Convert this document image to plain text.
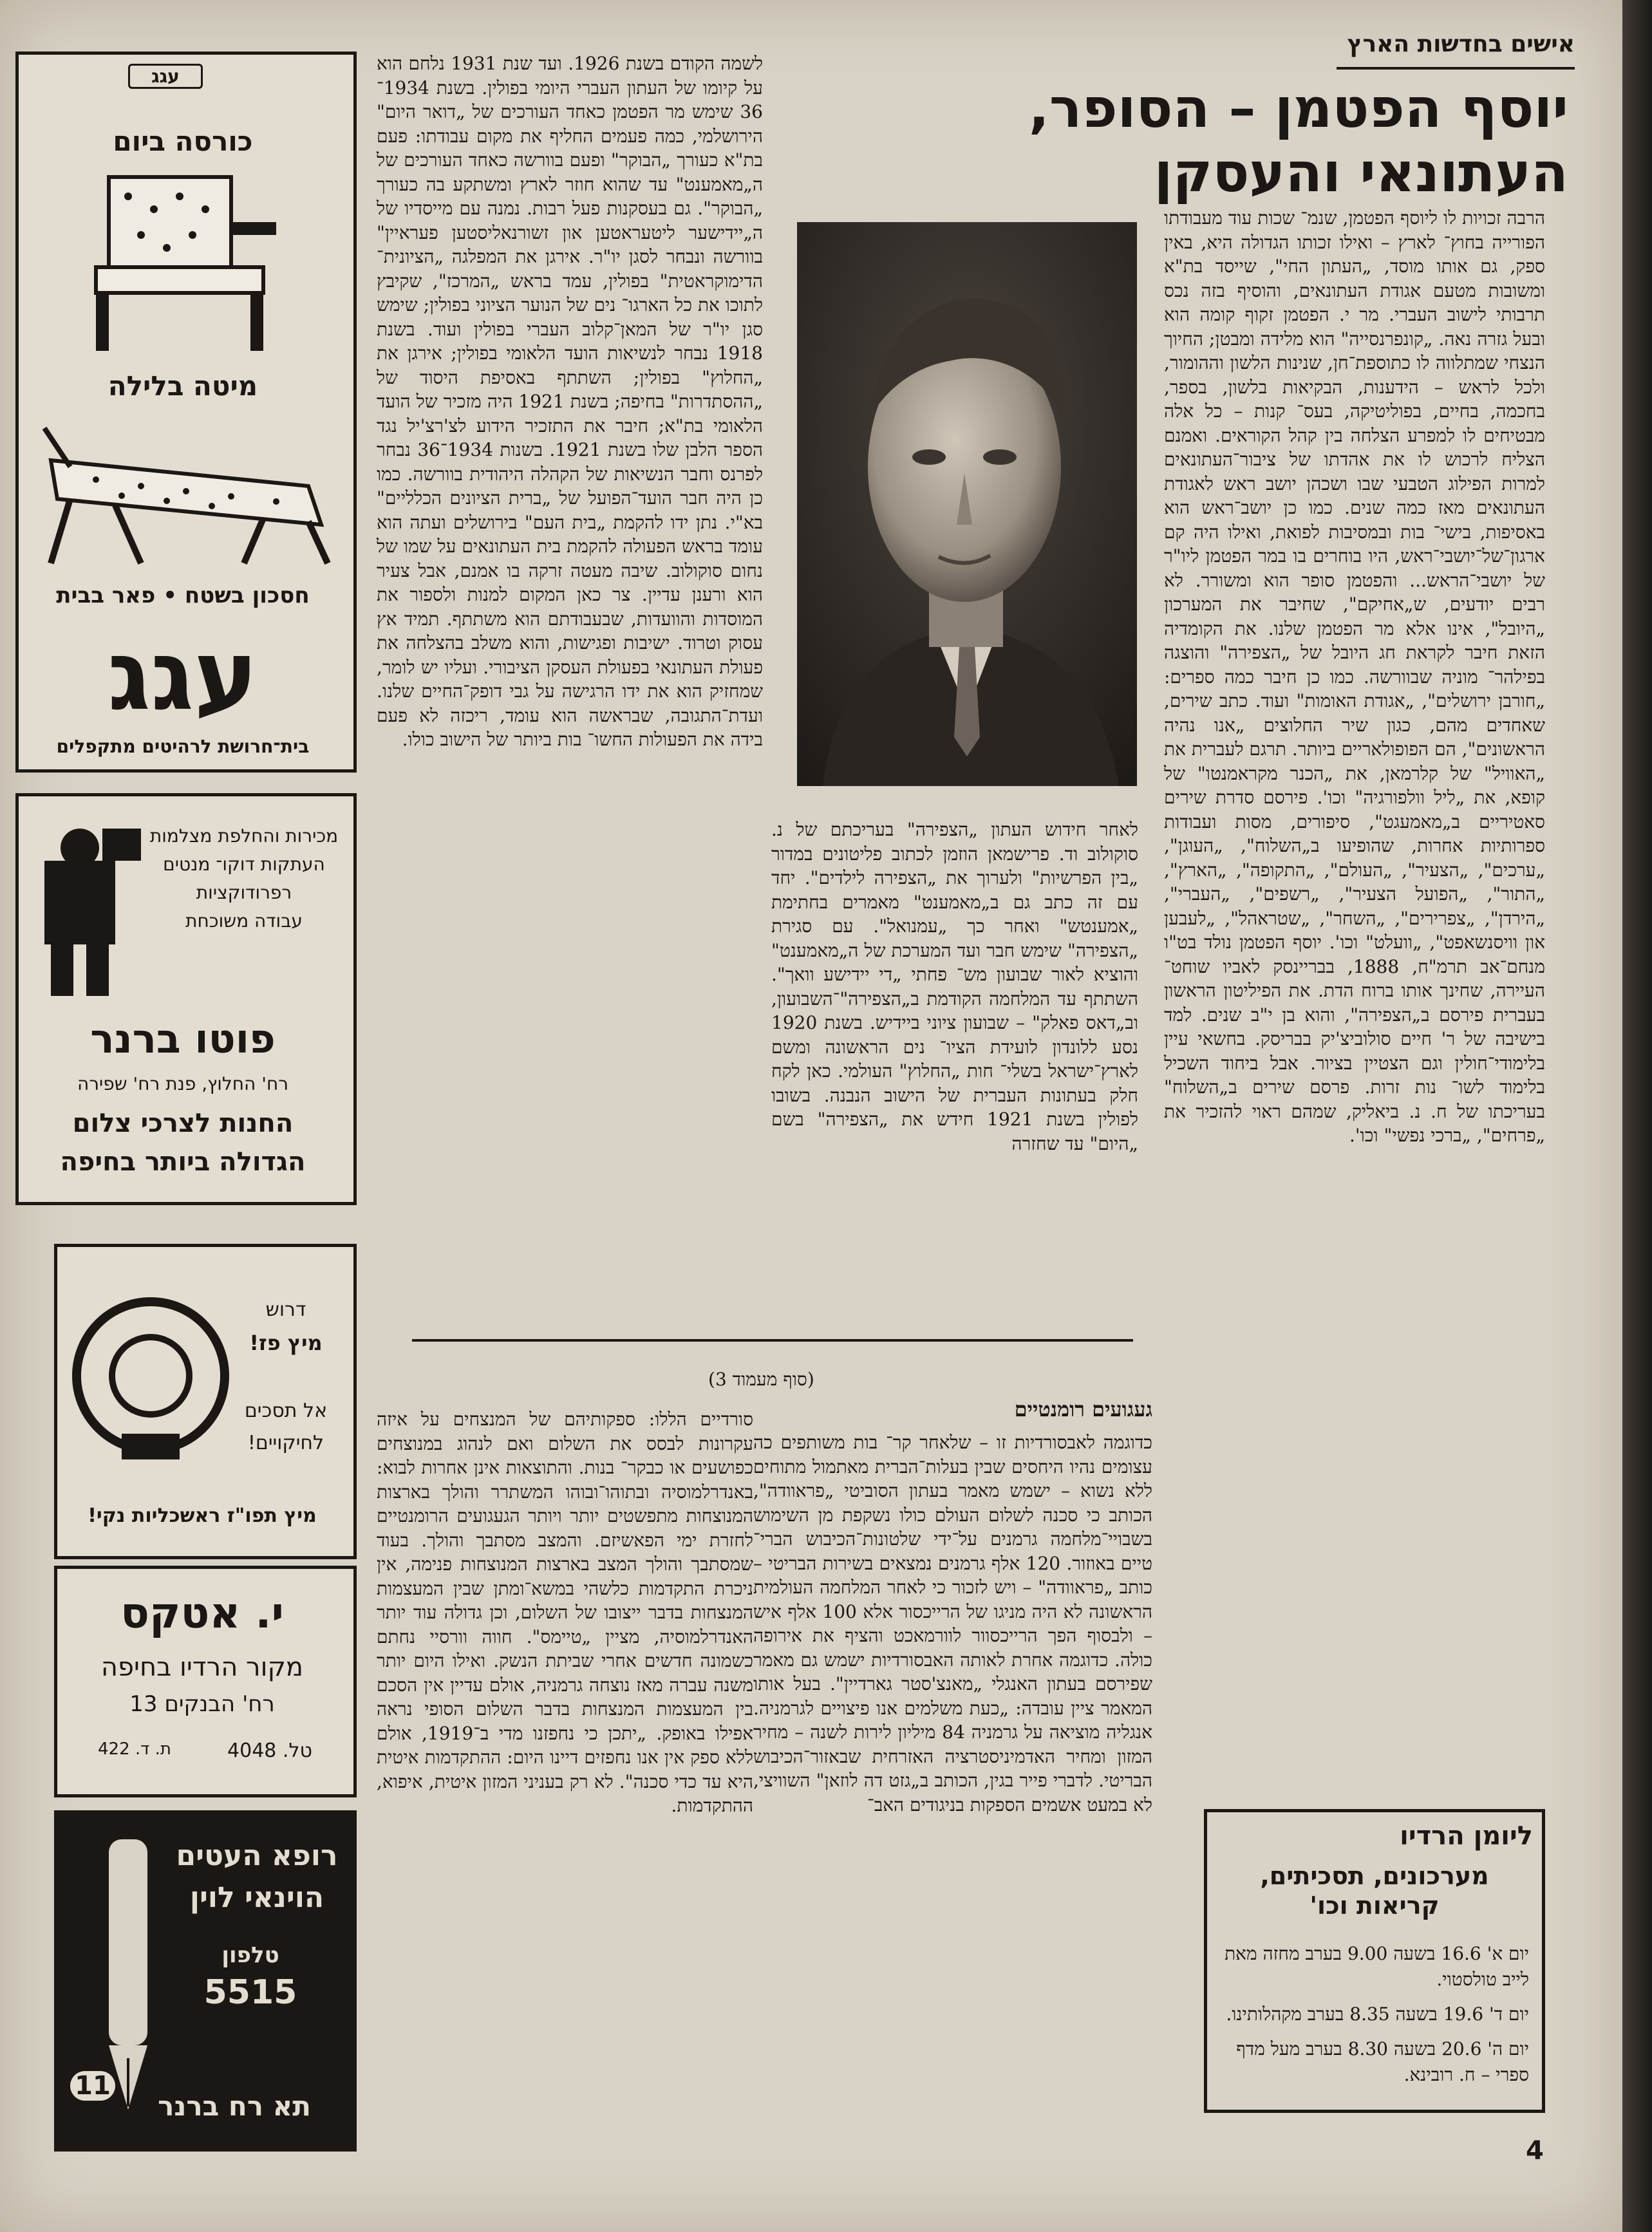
אישים בחדשות הארץ
יוסף הפטמן – הסופר, העתונאי והעסקן
הרבה זכויות לו ליוסף הפטמן, שנמ־ שכות עוד מעבודתו הפורייה בחוץ־ לארץ – ואילו זכותו הגדולה היא, באין ספק, גם אותו מוסד, „העתון החי", שייסד בת"א ומשובות מטעם אגודת העתונאים, והוסיף בזה נכס תרבותי לישוב העברי. מר י. הפטמן זקוף קומה הוא ובעל גזרה נאה. „קונפרנסייה" הוא מלידה ומבטן; החיוך הנצחי שמתלווה לו כתוספת־חן, שנינות הלשון וההומור, ולכל לראש – הידענות, הבקיאות בלשון, בספר, בחכמה, בחיים, בפוליטיקה, בעס־ קנות – כל אלה מבטיחים לו למפרע הצלחה בין קהל הקוראים. ואמנם הצליח לרכוש לו את אהדתו של ציבור־העתונאים למרות הפילוג הטבעי שבו ושכהן יושב ראש לאגודת העתונאים מאז כמה שנים. כמו כן יושב־ראש הוא באסיפות, בישי־ בות ובמסיבות לפואת, ואילו היה קם ארגון־של־יושבי־ראש, היו בוחרים בו במר הפטמן ליו"ר של יושבי־הראש... והפטמן סופר הוא ומשורר. לא רבים יודעים, ש„אחיקם", שחיבר את המערכון „היובל", אינו אלא מר הפטמן שלנו. את הקומדיה הזאת חיבר לקראת חג היובל של „הצפירה" והוצגה בפילהר־ מוניה שבוורשה. כמו כן חיבר כמה ספרים: „חורבן ירושלים", „אגודת האומות" ועוד. כתב שירים, שאחדים מהם, כגון שיר החלוצים „אנו נהיה הראשונים", הם הפופולאריים ביותר. תרגם לעברית את „האוויל" של קלרמאן, את „הכנר מקראמנטו" של קופא, את „ליל וולפורגיה" וכו'. פירסם סדרת שירים סאטיריים ב„מאמעגט", סיפורים, מסות ועבודות ספרותיות אחרות, שהופיעו ב„השלוח", „העוגן", „ערכים", „הצעיר", „העולם", „התקופה", „הארץ", „התור", „הפועל הצעיר", „רשפים", „העברי", „הירדן", „צפרירים", „השחר", „שטראהל", „לעבען און וויסנשאפט", „וועלט" וכו'. יוסף הפטמן נולד בט"ו מנחם־אב תרמ"ח, 1888, בבריינסק לאביו שוחט־ העיירה, שחינך אותו ברוח הדת. את הפיליטון הראשון בעברית פירסם ב„הצפירה", והוא בן י"ב שנים. למד בישיבה של ר' חיים סולוביצ'יק בבריסק. בחשאי עיין בלימודי־חולין וגם הצטיין בציור. אבל ביחוד השכיל בלימוד לשו־ נות זרות. פרסם שירים ב„השלוח" בעריכתו של ח. נ. ביאליק, שמהם ראוי להזכיר את „פרחים", „ברכי נפשי" וכו'.
לאחר חידוש העתון „הצפירה" בעריכתם של נ. סוקולוב וד. פרישמאן הוזמן לכתוב פליטונים במדור „בין הפרשיות" ולערוך את „הצפירה לילדים". יחד עם זה כתב גם ב„מאמענט" מאמרים בחתימת „אמענטש" ואחר כך „עמנואל". עם סגירת „הצפירה" שימש חבר ועד המערכת של ה„מאמענט" והוציא לאור שבועון מש־ פחתי „די יידישע וואך". השתתף עד המלחמה הקודמת ב„הצפירה"־השבועון, וב„דאס פאלק" – שבועון ציוני ביידיש. בשנת 1920 נסע ללונדון לועידת הציו־ נים הראשונה ומשם לארץ־ישראל בשלי־ חות „החלוץ" העולמי. כאן לקח חלק בעתונות העברית של הישוב הנבנה. בשובו לפולין בשנת 1921 חידש את „הצפירה" בשם „היום" עד שחזרה
לשמה הקודם בשנת 1926. ועד שנת 1931 נלחם הוא על קיומו של העתון העברי היומי בפולין. בשנת 1934־36 שימש מר הפטמן כאחד העורכים של „דואר היום" הירושלמי, כמה פעמים החליף את מקום עבודתו: פעם בת"א כעורך „הבוקר" ופעם בוורשה כאחד העורכים של ה„מאמענט" עד שהוא חוזר לארץ ומשתקע בה כעורך „הבוקר". גם בעסקנות פעל רבות. נמנה עם מייסדיו של ה„יידישער ליטעראטען און זשורנאליסטען פעראיין" בוורשה ונבחר לסגן יו"ר. אירגן את המפלגה „הציונית־ הדימוקראטית" בפולין, עמד בראש „המרכז", שקיבץ לתוכו את כל הארגו־ נים של הנוער הציוני בפולין; שימש סגן יו"ר של המאן־קלוב העברי בפולין ועוד. בשנת 1918 נבחר לנשיאות הועד הלאומי בפולין; אירגן את „החלוץ" בפולין; השתתף באסיפת היסוד של „ההסתדרות" בחיפה; בשנת 1921 היה מזכיר של הועד הלאומי בת"א; חיבר את התזכיר הידוע לצ'רצ'יל נגד הספר הלבן שלו בשנת 1921. בשנות 1934־36 נבחר לפרנס וחבר הנשיאות של הקהלה היהודית בוורשה. כמו כן היה חבר הועד־הפועל של „ברית הציונים הכלליים" בא"י. נתן ידו להקמת „בית העם" בירושלים ועתה הוא עומד בראש הפעולה להקמת בית העתונאים על שמו של נחום סוקולוב. שיבה מעטה זרקה בו אמנם, אבל צעיר הוא ורענן עדיין. צר כאן המקום למנות ולספור את המוסדות והוועדות, שבעבודתם הוא משתתף. תמיד אץ עסוק וטרוד. ישיבות ופגישות, והוא משלב בהצלחה את פעולת העתונאי בפעולת העסקן הציבורי. ועליו יש לומר, שמחזיק הוא את ידו הרגישה על גבי דופק־החיים שלנו. ועדת־התגובה, שבראשה הוא עומד, ריכזה לא פעם בידה את הפעולות החשו־ בות ביותר של הישוב כולו.
(סוף מעמוד 3)
געגועים רומנטיים
כדוגמה לאבסורדיות זו – שלאחר קר־ בות משותפים כה עצומים נהיו היחסים שבין בעלות־הברית מאתמול מתוחים ללא נשוא – ישמש מאמר בעתון הסוביטי „פראוודה", הכותב כי סכנה לשלום העולם כולו נשקפת מן השימוש בשבויי־מלחמה גרמנים על־ידי שלטונות־הכיבוש הברי־ טיים באוזור. 120 אלף גרמנים נמצאים בשירות הבריטי – כותב „פראוודה" – ויש לזכור כי לאחר המלחמה העולמית הראשונה לא היה מניגו של הרייכסור אלא 100 אלף איש – ולבסוף הפך הרייכסוור לוורמאכט והציף את אירופה כולה. כדוגמה אחרת לאותה האבסורדיות ישמש גם מאמר שפירסם בעתון האנגלי „מאנצ'סטר גארדיין". בעל אותו המאמר ציין עובדה: „כעת משלמים אנו פיצויים לגרמניה. אנגליה מוציאה על גרמניה 84 מיליון לירות לשנה – מחיר המזון ומחיר האדמיניסטרציה האזרחית שבאזור־הכיבוש הבריטי. לדברי פייר בגין, הכותב ב„גזט דה לוזאן" השוויצי, לא במעט אשמים הספקות בניגודים האב־
סורדיים הללו: ספקותיהם של המנצחים על איזה עקרונות לבסס את השלום ואם לנהוג במנוצחים כפושעים או כבקר־ בנות. והתוצאות אינן אחרות לבוא: באנדרלמוסיה ובתוהו־ובוהו המשתרר והולך בארצות המנוצחות מתפשטים יותר ויותר הגעגועים הרומנטיים לחזרת ימי הפאשיזם. והמצב מסתבך והולך. בעוד שמסתבך והולך המצב בארצות המנוצחות פנימה, אין ניכרת התקדמות כלשהי במשא־ומתן שבין המעצמות המנצחות בדבר ייצובו של השלום, וכן גדולה עוד יותר האנדרלמוסיה, מציין „טיימס". חווה וורסיי נחתם כשמונה חדשים אחרי שביתת הנשק. ואילו היום יותר משנה עברה מאז נוצחה גרמניה, אולם עדיין אין הסכם בין המעצמות המנצחות בדבר השלום הסופי נראה אפילו באופק. „יתכן כי נחפזנו מדי ב־1919, אולם ללא ספק אין אנו נחפזים דיינו היום: ההתקדמות איטית היא עד כדי סכנה". לא רק בעניני המזון איטית, איפוא, ההתקדמות.
ליומן הרדיו
מערכונים, תסכיתים, קריאות וכו'
יום א' 16.6 בשעה 9.00 בערב מחזה מאת לייב טולסטוי.
יום ד' 19.6 בשעה 8.35 בערב מקהלותינו.
יום ה' 20.6 בשעה 8.30 בערב מעל מדף ספרי – ח. רובינא.
4
עגג
כורסה ביום
מיטה בלילה
חסכון בשטח • פאר בבית
עגג
בית־חרושת לרהיטים מתקפלים
מכירות והחלפת מצלמות
העתקות דוקו־ מנטים
רפרודוקציות
עבודה משוכחת
פוטו ברנר
רח' החלוץ, פנת רח' שפירה
החנות לצרכי צלום
הגדולה ביותר בחיפה
דרוש
מיץ פז!
אל תסכים לחיקויים!
מיץ תפו"ז ראשכליות נקי!
י. אטקס
מקור הרדיו בחיפה
רח' הבנקים 13
טל. 4048
ת. ד. 422
רופא העטים
הוינאי לוין
טלפון
5515
11
תא רח ברנר
